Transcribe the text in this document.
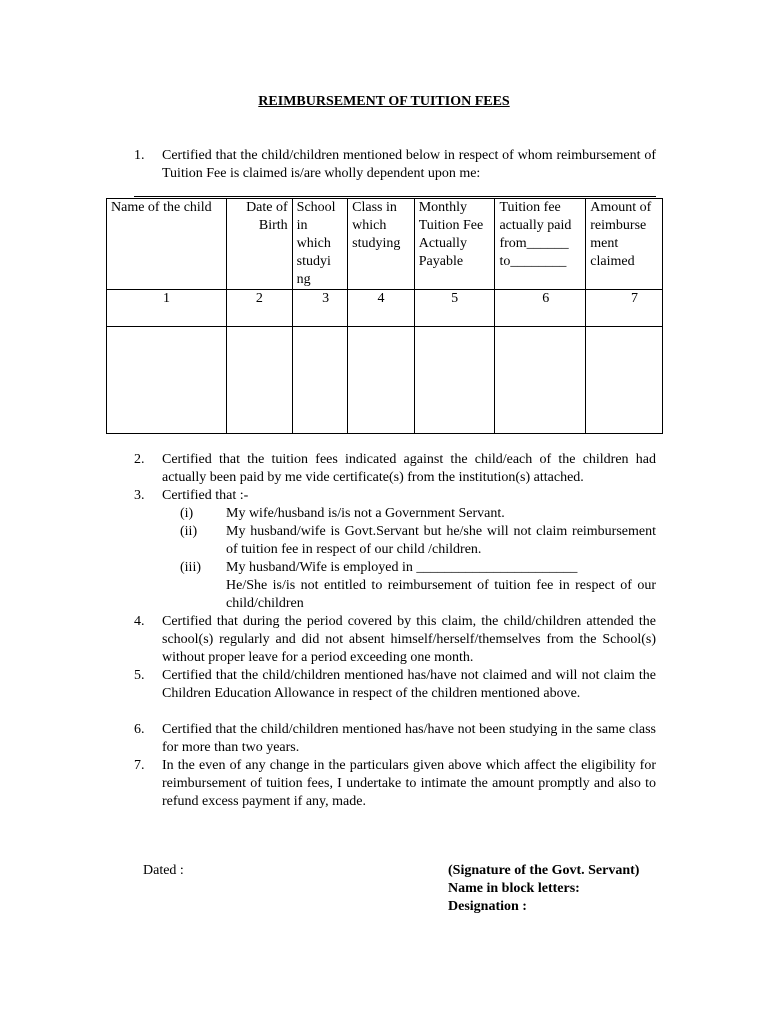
REIMBURSEMENT OF TUITION FEES
1. Certified that the child/children mentioned below in respect of whom reimbursement of Tuition Fee is claimed is/are wholly dependent upon me:
Name of the child	Date of Birth	School in which studyi ng	Class in which studying	Monthly Tuition Fee Actually Payable	Tuition fee actually paid from______ to________	Amount of reimburse ment claimed
1	2	3	4	5	6	7

2. Certified that the tuition fees indicated against the child/each of the children had actually been paid by me vide certificate(s) from the institution(s) attached.
3. Certified that :-
(i) My wife/husband is/is not a Government Servant.
(ii) My husband/wife is Govt.Servant but he/she will not claim reimbursement of tuition fee in respect of our child /children.
(iii) My husband/Wife is employed in _______________________
He/She is/is not entitled to reimbursement of tuition fee in respect of our child/children
4. Certified that during the period covered by this claim, the child/children attended the school(s) regularly and did not absent himself/herself/themselves from the School(s) without proper leave for a period exceeding one month.
5. Certified that the child/children mentioned has/have not claimed and will not claim the Children Education Allowance in respect of the children mentioned above.
6. Certified that the child/children mentioned has/have not been studying in the same class for more than two years.
7. In the even of any change in the particulars given above which affect the eligibility for reimbursement of tuition fees, I undertake to intimate the amount promptly and also to refund excess payment if any, made.
Dated :	(Signature of the Govt. Servant)
Name in block letters:
Designation :
